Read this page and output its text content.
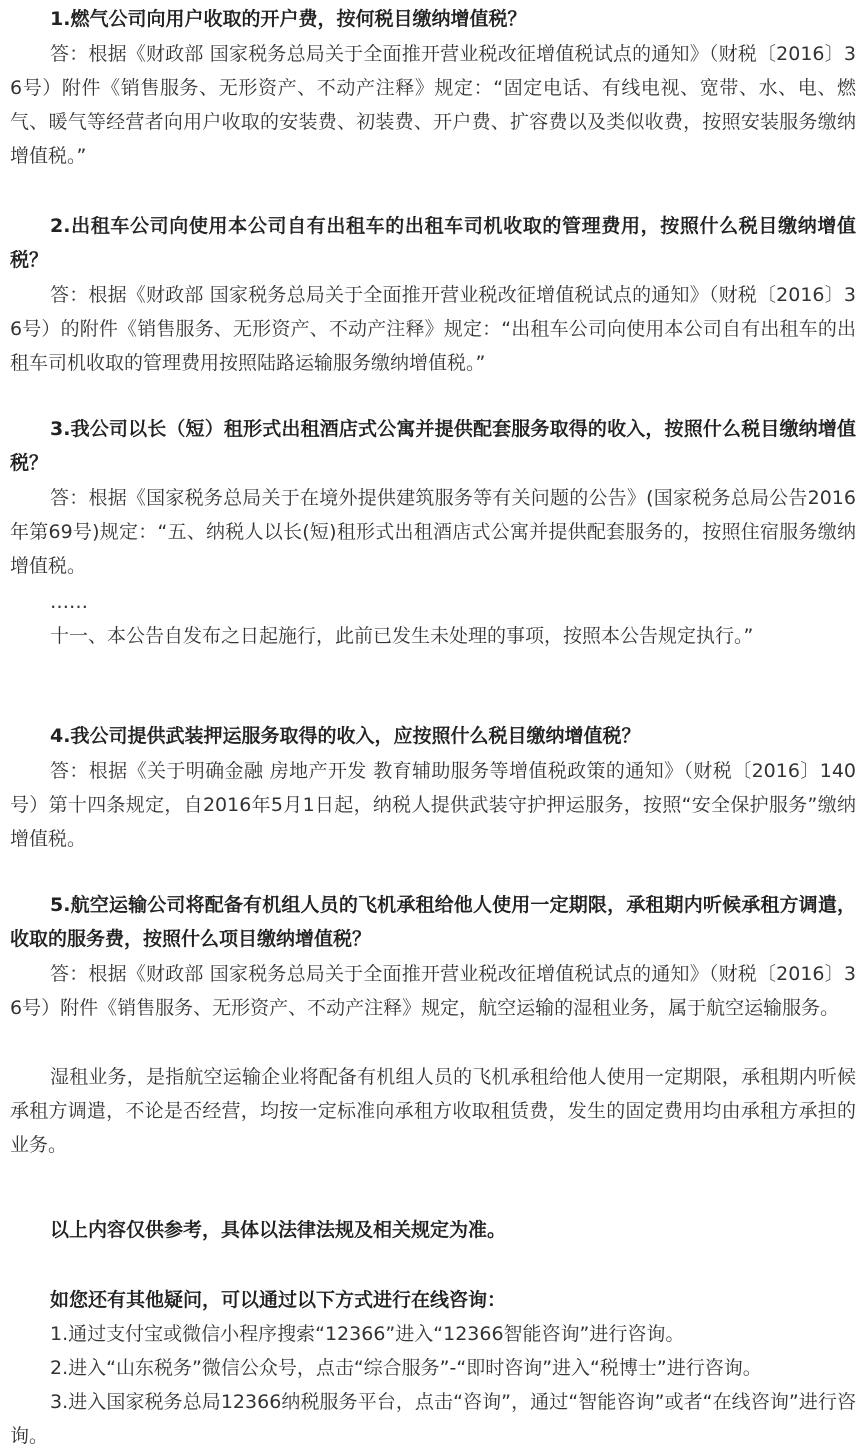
1.燃气公司向用户收取的开户费，按何税目缴纳增值税？

答：根据《财政部 国家税务总局关于全面推开营业税改征增值税试点的通知》（财税〔2016〕36号）附件《销售服务、无形资产、不动产注释》规定：“固定电话、有线电视、宽带、水、电、燃气、暖气等经营者向用户收取的安装费、初装费、开户费、扩容费以及类似收费，按照安装服务缴纳增值税。”

2.出租车公司向使用本公司自有出租车的出租车司机收取的管理费用，按照什么税目缴纳增值税？

答：根据《财政部 国家税务总局关于全面推开营业税改征增值税试点的通知》（财税〔2016〕36号）的附件《销售服务、无形资产、不动产注释》规定：“出租车公司向使用本公司自有出租车的出租车司机收取的管理费用按照陆路运输服务缴纳增值税。”

3.我公司以长（短）租形式出租酒店式公寓并提供配套服务取得的收入，按照什么税目缴纳增值税？

答：根据《国家税务总局关于在境外提供建筑服务等有关问题的公告》(国家税务总局公告2016年第69号)规定：“五、纳税人以长(短)租形式出租酒店式公寓并提供配套服务的，按照住宿服务缴纳增值税。

……

十一、本公告自发布之日起施行，此前已发生未处理的事项，按照本公告规定执行。”

4.我公司提供武装押运服务取得的收入，应按照什么税目缴纳增值税？

答：根据《关于明确金融 房地产开发 教育辅助服务等增值税政策的通知》（财税〔2016〕140号）第十四条规定，自2016年5月1日起，纳税人提供武装守护押运服务，按照“安全保护服务”缴纳增值税。

5.航空运输公司将配备有机组人员的飞机承租给他人使用一定期限，承租期内听候承租方调遣，收取的服务费，按照什么项目缴纳增值税？

答：根据《财政部 国家税务总局关于全面推开营业税改征增值税试点的通知》（财税〔2016〕36号）附件《销售服务、无形资产、不动产注释》规定，航空运输的湿租业务，属于航空运输服务。

湿租业务，是指航空运输企业将配备有机组人员的飞机承租给他人使用一定期限，承租期内听候承租方调遣，不论是否经营，均按一定标准向承租方收取租赁费，发生的固定费用均由承租方承担的业务。

以上内容仅供参考，具体以法律法规及相关规定为准。

如您还有其他疑问，可以通过以下方式进行在线咨询：

1.通过支付宝或微信小程序搜索“12366”进入“12366智能咨询”进行咨询。

2.进入“山东税务”微信公众号，点击“综合服务”-“即时咨询”进入“税博士”进行咨询。

3.进入国家税务总局12366纳税服务平台，点击“咨询”，通过“智能咨询”或者“在线咨询”进行咨询。
